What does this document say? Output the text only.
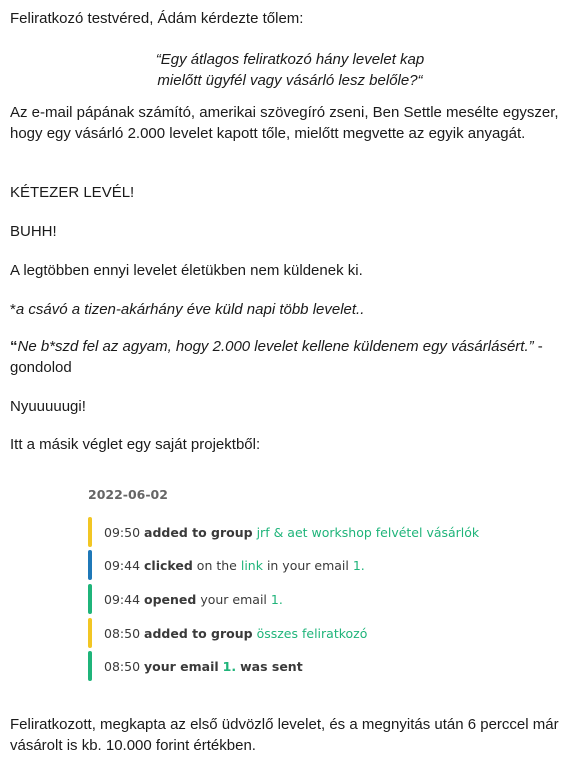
Feliratkozó testvéred, Ádám kérdezte tőlem:

“Egy átlagos feliratkozó hány levelet kap
mielőtt ügyfél vagy vásárló lesz belőle?“

Az e-mail pápának számító, amerikai szövegíró zseni, Ben Settle mesélte egyszer, hogy egy vásárló 2.000 levelet kapott tőle, mielőtt megvette az egyik anyagát.

KÉTEZER LEVÉL!

BUHH!

A legtöbben ennyi levelet életükben nem küldenek ki.

*a csávó a tizen-akárhány éve küld napi több levelet..

“Ne b*szd fel az agyam, hogy 2.000 levelet kellene küldenem egy vásárlásért.” - gondolod

Nyuuuuugi!

Itt a másik véglet egy saját projektből:

2022-06-02
09:50 added to group jrf & aet workshop felvétel vásárlók
09:44 clicked on the link in your email 1.
09:44 opened your email 1.
08:50 added to group összes feliratkozó
08:50 your email 1. was sent

Feliratkozott, megkapta az első üdvözlő levelet, és a megnyitás után 6 perccel már vásárolt is kb. 10.000 forint értékben.
